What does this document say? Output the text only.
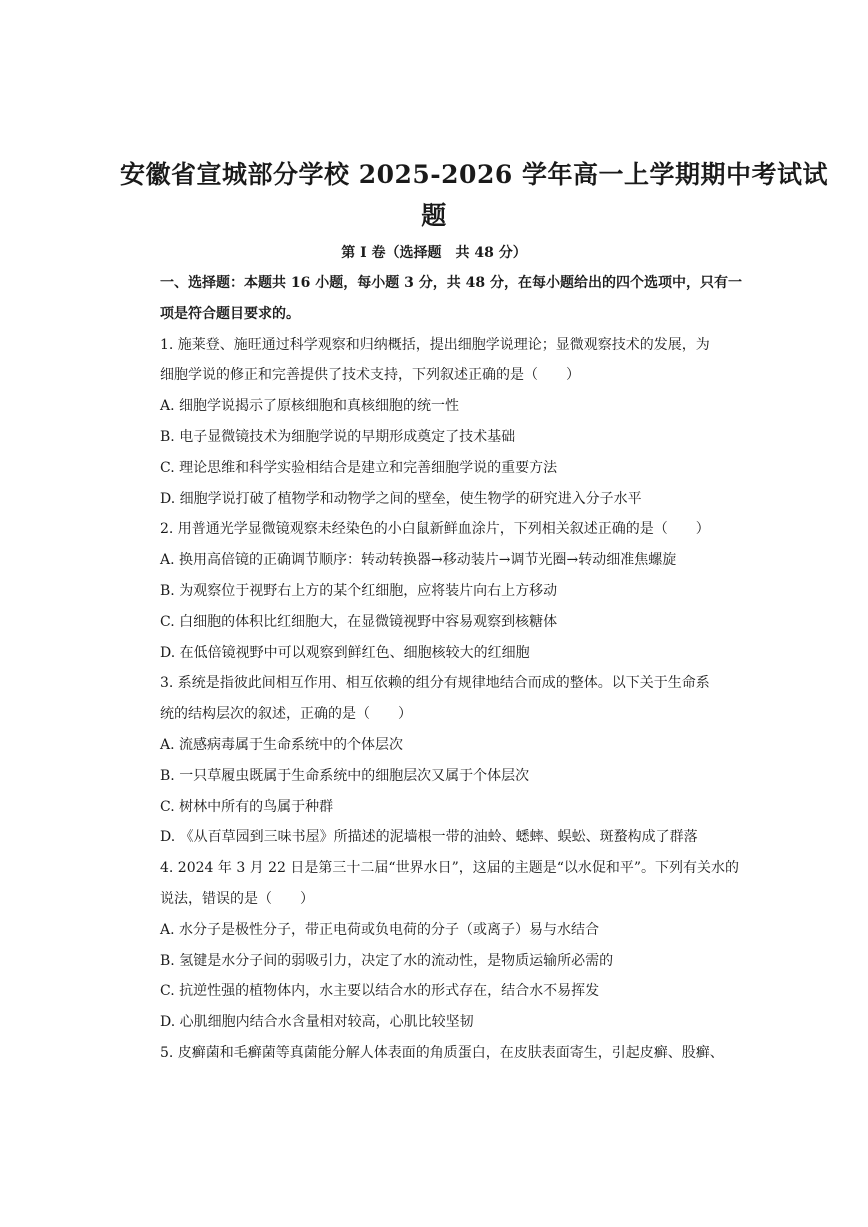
安徽省宣城部分学校 2025-2026 学年高一上学期期中考试试
题
第 I 卷（选择题　共 48 分）
一、选择题：本题共 16 小题，每小题 3 分，共 48 分，在每小题给出的四个选项中，只有一
项是符合题目要求的。
1. 施莱登、施旺通过科学观察和归纳概括，提出细胞学说理论；显微观察技术的发展，为
细胞学说的修正和完善提供了技术支持，下列叙述正确的是（　　）
A. 细胞学说揭示了原核细胞和真核细胞的统一性
B. 电子显微镜技术为细胞学说的早期形成奠定了技术基础
C. 理论思维和科学实验相结合是建立和完善细胞学说的重要方法
D. 细胞学说打破了植物学和动物学之间的壁垒，使生物学的研究进入分子水平
2. 用普通光学显微镜观察未经染色的小白鼠新鲜血涂片，下列相关叙述正确的是（　　）
A. 换用高倍镜的正确调节顺序：转动转换器→移动装片→调节光圈→转动细准焦螺旋
B. 为观察位于视野右上方的某个红细胞，应将装片向右上方移动
C. 白细胞的体积比红细胞大，在显微镜视野中容易观察到核糖体
D. 在低倍镜视野中可以观察到鲜红色、细胞核较大的红细胞
3. 系统是指彼此间相互作用、相互依赖的组分有规律地结合而成的整体。以下关于生命系
统的结构层次的叙述，正确的是（　　）
A. 流感病毒属于生命系统中的个体层次
B. 一只草履虫既属于生命系统中的细胞层次又属于个体层次
C. 树林中所有的鸟属于种群
D. 《从百草园到三味书屋》所描述的泥墙根一带的油蛉、蟋蟀、蜈蚣、斑蝥构成了群落
4. 2024 年 3 月 22 日是第三十二届“世界水日”，这届的主题是“以水促和平”。下列有关水的
说法，错误的是（　　）
A. 水分子是极性分子，带正电荷或负电荷的分子（或离子）易与水结合
B. 氢键是水分子间的弱吸引力，决定了水的流动性，是物质运输所必需的
C. 抗逆性强的植物体内，水主要以结合水的形式存在，结合水不易挥发
D. 心肌细胞内结合水含量相对较高，心肌比较坚韧
5. 皮癣菌和毛癣菌等真菌能分解人体表面的角质蛋白，在皮肤表面寄生，引起皮癣、股癣、
